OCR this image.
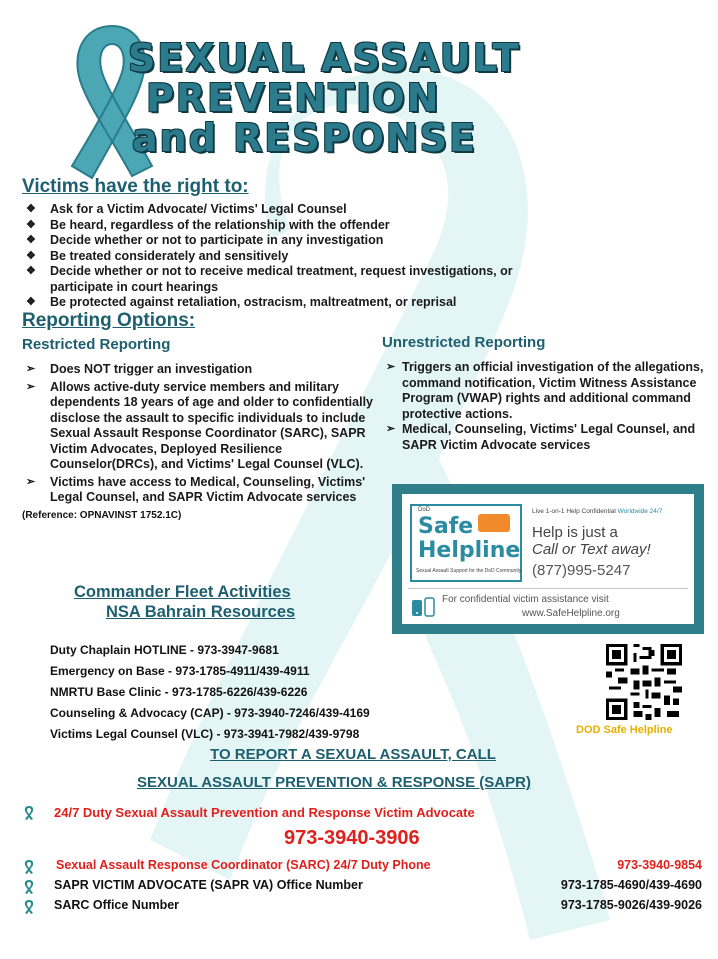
SEXUAL ASSAULT
PREVENTION
and RESPONSE
Victims have the right to:
❖ Ask for a Victim Advocate/ Victims' Legal Counsel
❖ Be heard, regardless of the relationship with the offender
❖ Decide whether or not to participate in any investigation
❖ Be treated considerately and sensitively
❖ Decide whether or not to receive medical treatment, request investigations, or participate in court hearings
❖ Be protected against retaliation, ostracism, maltreatment, or reprisal
Reporting Options:
Restricted Reporting
➢ Does NOT trigger an investigation
➢ Allows active-duty service members and military dependents 18 years of age and older to confidentially disclose the assault to specific individuals to include Sexual Assault Response Coordinator (SARC), SAPR Victim Advocates, Deployed Resilience Counselor(DRCs), and Victims' Legal Counsel (VLC).
➢ Victims have access to Medical, Counseling, Victims' Legal Counsel, and SAPR Victim Advocate services
(Reference: OPNAVINST 1752.1C)
Unrestricted Reporting
➢ Triggers an official investigation of the allegations, command notification, Victim Witness Assistance Program (VWAP) rights and additional command protective actions.
➢ Medical, Counseling, Victims' Legal Counsel, and SAPR Victim Advocate services
DoD
Safe
Helpline
Sexual Assault Support for the DoD Community
Live 1-on-1 Help Confidential Worldwide 24/7
Help is just a
Call or Text away!
(877)995-5247
For confidential victim assistance visit
www.SafeHelpline.org
Commander Fleet Activities
NSA Bahrain Resources
Duty Chaplain HOTLINE - 973-3947-9681
Emergency on Base - 973-1785-4911/439-4911
NMRTU Base Clinic - 973-1785-6226/439-6226
Counseling & Advocacy (CAP) - 973-3940-7246/439-4169
Victims Legal Counsel (VLC) - 973-3941-7982/439-9798	DOD Safe Helpline
TO REPORT A SEXUAL ASSAULT, CALL
SEXUAL ASSAULT PREVENTION & RESPONSE (SAPR)
24/7 Duty Sexual Assault Prevention and Response Victim Advocate
973-3940-3906
Sexual Assault Response Coordinator (SARC) 24/7 Duty Phone	973-3940-9854
SAPR VICTIM ADVOCATE (SAPR VA) Office Number	973-1785-4690/439-4690
SARC Office Number	973-1785-9026/439-9026
